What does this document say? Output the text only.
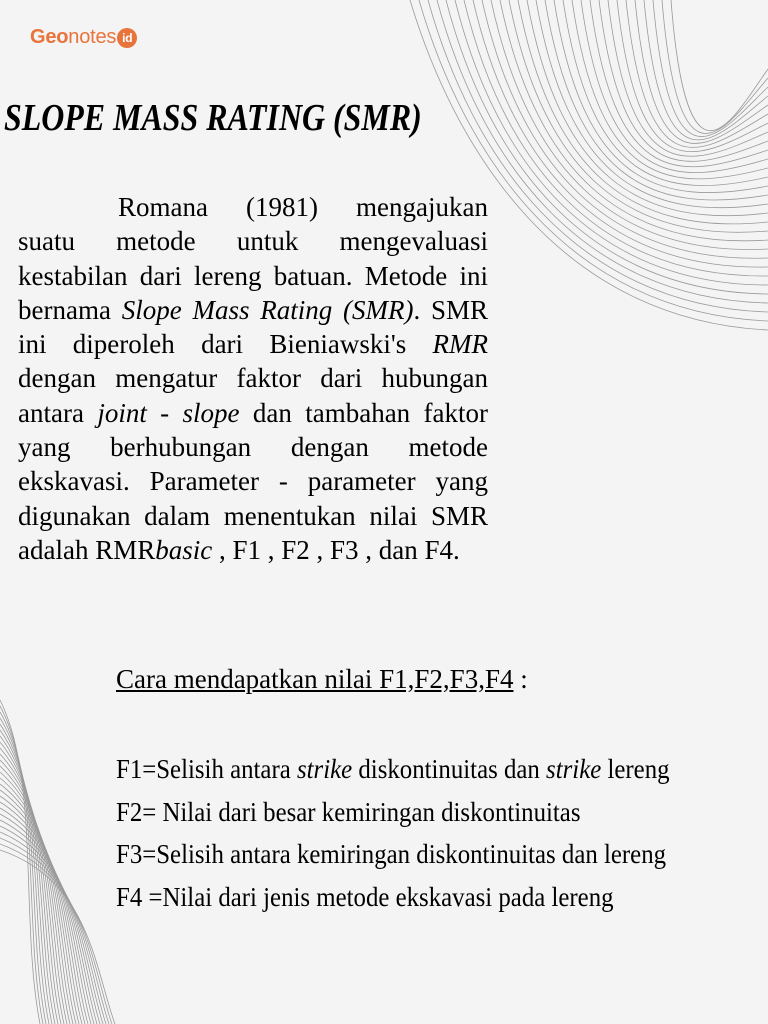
Geo notes id
SLOPE MASS RATING (SMR)

Romana (1981) mengajukan suatu metode untuk mengevaluasi kestabilan dari lereng batuan. Metode ini bernama Slope Mass Rating (SMR). SMR ini diperoleh dari Bieniawski's RMR dengan mengatur faktor dari hubungan antara joint - slope dan tambahan faktor yang berhubungan dengan metode ekskavasi. Parameter - parameter yang digunakan dalam menentukan nilai SMR adalah RMRbasic , F1 , F2 , F3 , dan F4.

Cara mendapatkan nilai F1,F2,F3,F4 :

F1=Selisih antara strike diskontinuitas dan strike lereng
F2= Nilai dari besar kemiringan diskontinuitas
F3=Selisih antara kemiringan diskontinuitas dan lereng
F4 =Nilai dari jenis metode ekskavasi pada lereng
